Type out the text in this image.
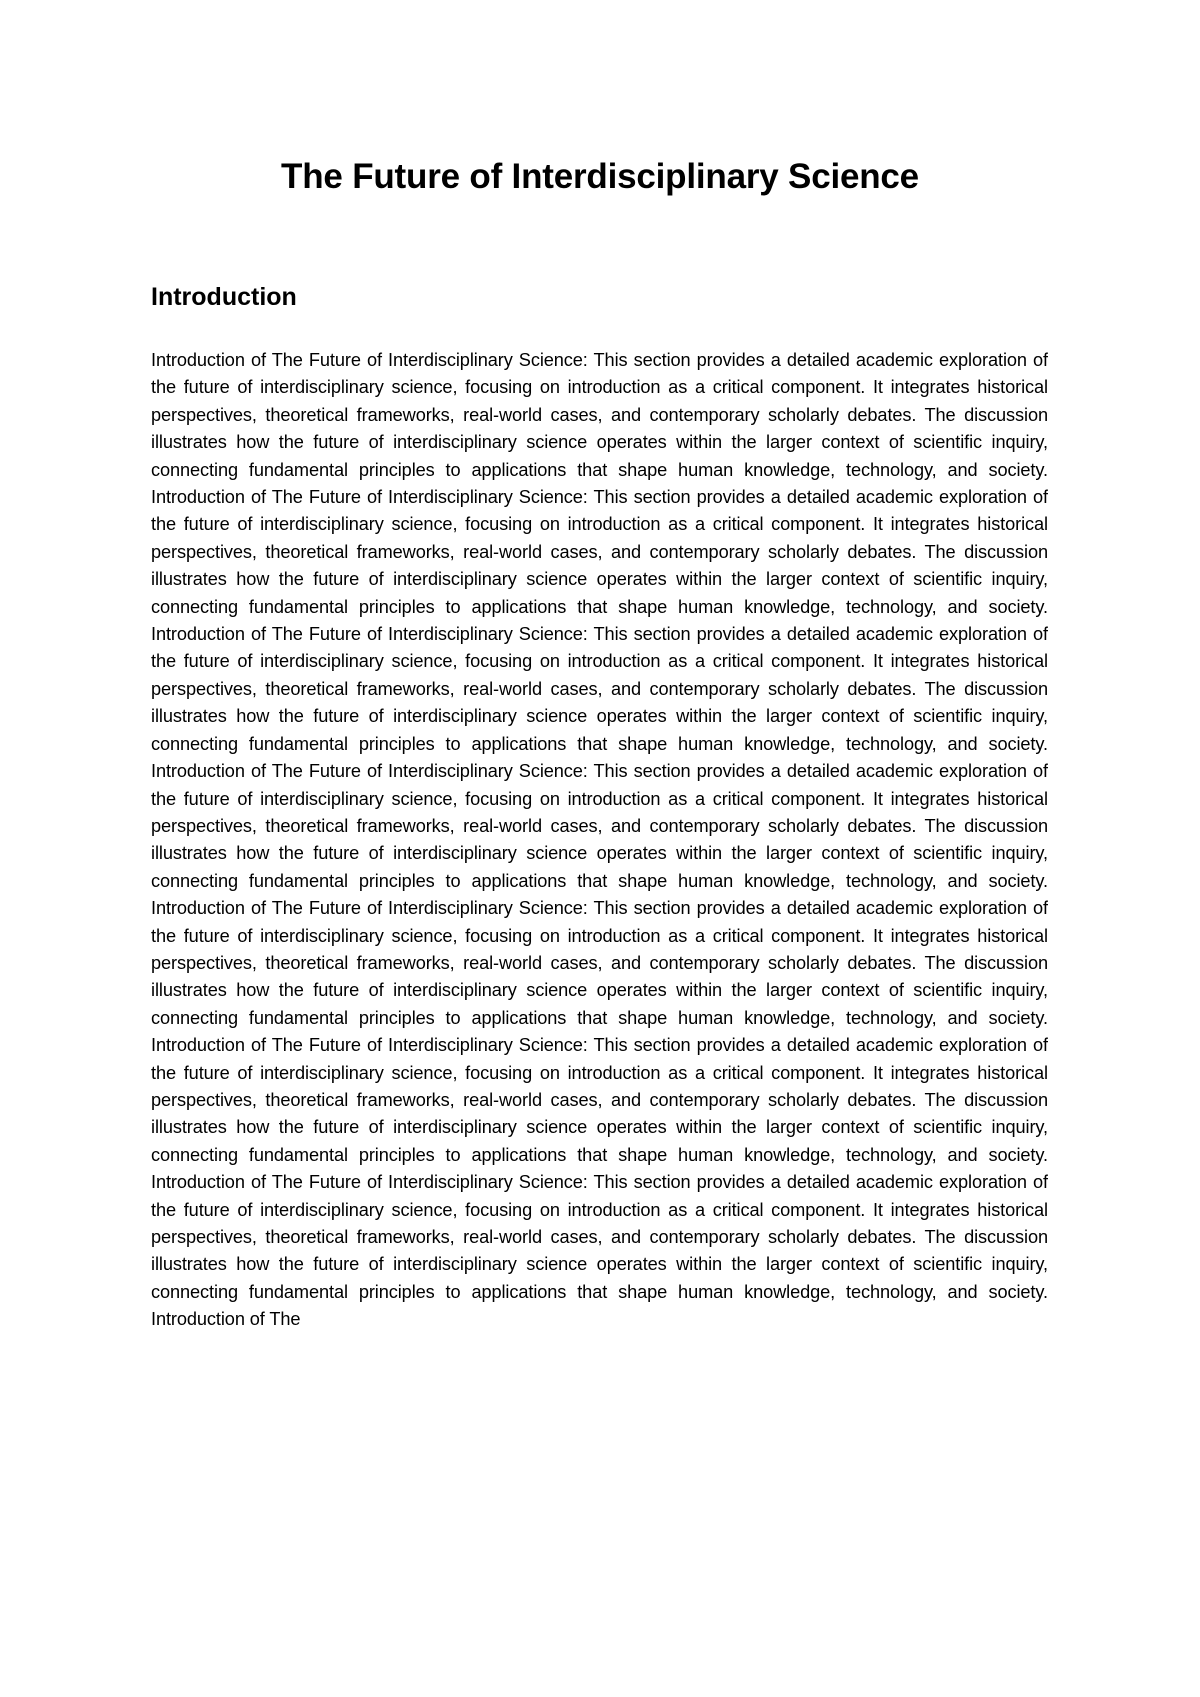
The Future of Interdisciplinary Science
Introduction

Introduction of The Future of Interdisciplinary Science: This section provides a detailed academic exploration of the future of interdisciplinary science, focusing on introduction as a critical component. It integrates historical perspectives, theoretical frameworks, real-world cases, and contemporary scholarly debates. The discussion illustrates how the future of interdisciplinary science operates within the larger context of scientific inquiry, connecting fundamental principles to applications that shape human knowledge, technology, and society. Introduction of The Future of Interdisciplinary Science: This section provides a detailed academic exploration of the future of interdisciplinary science, focusing on introduction as a critical component. It integrates historical perspectives, theoretical frameworks, real-world cases, and contemporary scholarly debates. The discussion illustrates how the future of interdisciplinary science operates within the larger context of scientific inquiry, connecting fundamental principles to applications that shape human knowledge, technology, and society. Introduction of The Future of Interdisciplinary Science: This section provides a detailed academic exploration of the future of interdisciplinary science, focusing on introduction as a critical component. It integrates historical perspectives, theoretical frameworks, real-world cases, and contemporary scholarly debates. The discussion illustrates how the future of interdisciplinary science operates within the larger context of scientific inquiry, connecting fundamental principles to applications that shape human knowledge, technology, and society. Introduction of The Future of Interdisciplinary Science: This section provides a detailed academic exploration of the future of interdisciplinary science, focusing on introduction as a critical component. It integrates historical perspectives, theoretical frameworks, real-world cases, and contemporary scholarly debates. The discussion illustrates how the future of interdisciplinary science operates within the larger context of scientific inquiry, connecting fundamental principles to applications that shape human knowledge, technology, and society. Introduction of The Future of Interdisciplinary Science: This section provides a detailed academic exploration of the future of interdisciplinary science, focusing on introduction as a critical component. It integrates historical perspectives, theoretical frameworks, real-world cases, and contemporary scholarly debates. The discussion illustrates how the future of interdisciplinary science operates within the larger context of scientific inquiry, connecting fundamental principles to applications that shape human knowledge, technology, and society. Introduction of The Future of Interdisciplinary Science: This section provides a detailed academic exploration of the future of interdisciplinary science, focusing on introduction as a critical component. It integrates historical perspectives, theoretical frameworks, real-world cases, and contemporary scholarly debates. The discussion illustrates how the future of interdisciplinary science operates within the larger context of scientific inquiry, connecting fundamental principles to applications that shape human knowledge, technology, and society. Introduction of The Future of Interdisciplinary Science: This section provides a detailed academic exploration of the future of interdisciplinary science, focusing on introduction as a critical component. It integrates historical perspectives, theoretical frameworks, real-world cases, and contemporary scholarly debates. The discussion illustrates how the future of interdisciplinary science operates within the larger context of scientific inquiry, connecting fundamental principles to applications that shape human knowledge, technology, and society. Introduction of The
